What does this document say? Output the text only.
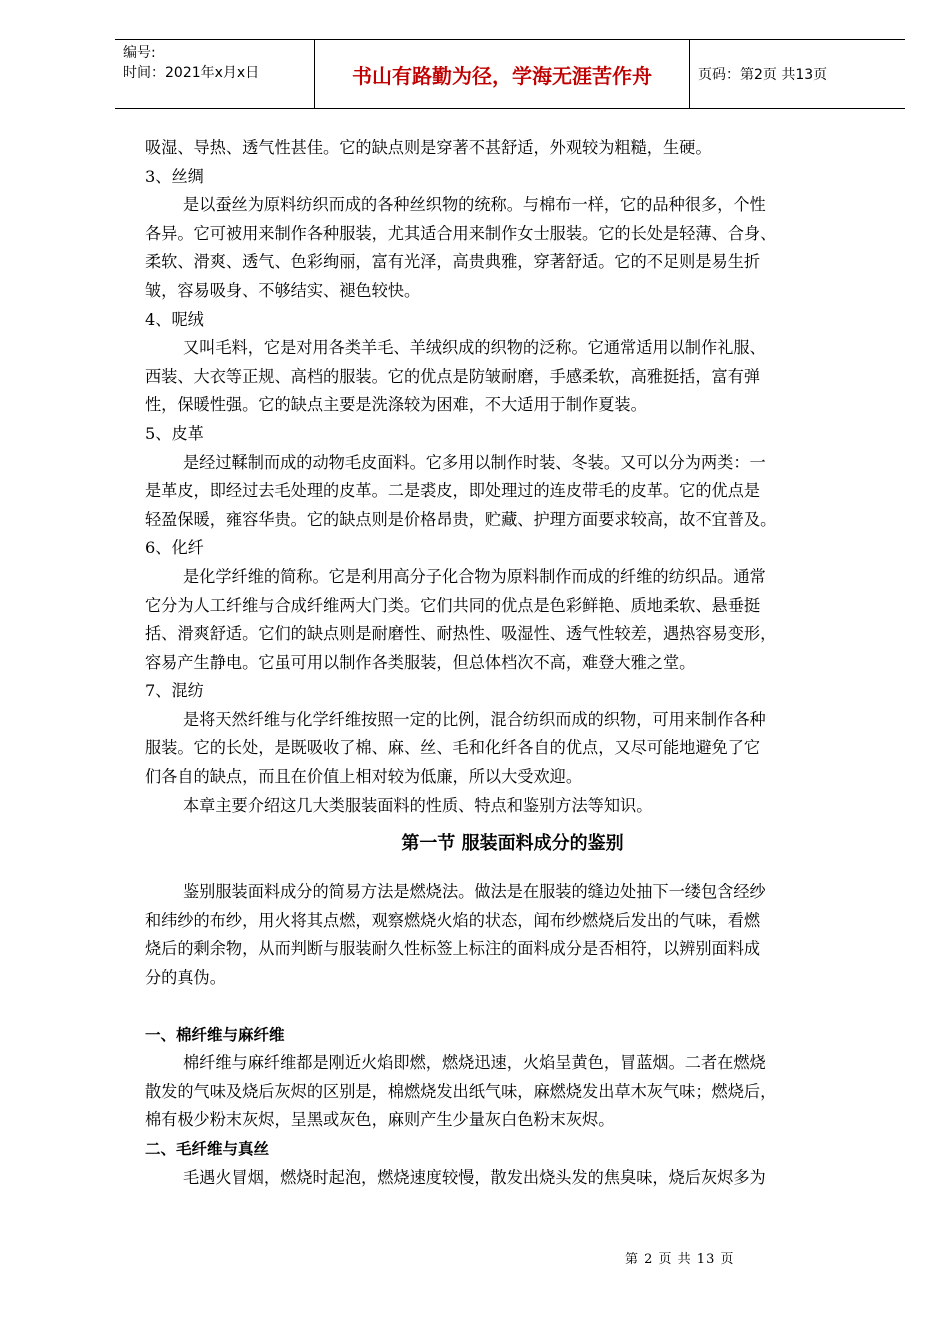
编号:
时间：2021年x月x日	书山有路勤为径，学海无涯苦作舟	页码：第2页 共13页
吸湿、导热、透气性甚佳。它的缺点则是穿著不甚舒适，外观较为粗糙，生硬。
3、丝绸
是以蚕丝为原料纺织而成的各种丝织物的统称。与棉布一样，它的品种很多，个性
各异。它可被用来制作各种服装，尤其适合用来制作女士服装。它的长处是轻薄、合身、
柔软、滑爽、透气、色彩绚丽，富有光泽，高贵典雅，穿著舒适。它的不足则是易生折
皱，容易吸身、不够结实、褪色较快。
4、呢绒
又叫毛料，它是对用各类羊毛、羊绒织成的织物的泛称。它通常适用以制作礼服、
西装、大衣等正规、高档的服装。它的优点是防皱耐磨，手感柔软，高雅挺括，富有弹
性，保暖性强。它的缺点主要是洗涤较为困难，不大适用于制作夏装。
5、皮革
是经过鞣制而成的动物毛皮面料。它多用以制作时装、冬装。又可以分为两类：一
是革皮，即经过去毛处理的皮革。二是裘皮，即处理过的连皮带毛的皮革。它的优点是
轻盈保暖，雍容华贵。它的缺点则是价格昂贵，贮藏、护理方面要求较高，故不宜普及。
6、化纤
是化学纤维的简称。它是利用高分子化合物为原料制作而成的纤维的纺织品。通常
它分为人工纤维与合成纤维两大门类。它们共同的优点是色彩鲜艳、质地柔软、悬垂挺
括、滑爽舒适。它们的缺点则是耐磨性、耐热性、吸湿性、透气性较差，遇热容易变形，
容易产生静电。它虽可用以制作各类服装，但总体档次不高，难登大雅之堂。
7、混纺
是将天然纤维与化学纤维按照一定的比例，混合纺织而成的织物，可用来制作各种
服装。它的长处，是既吸收了棉、麻、丝、毛和化纤各自的优点，又尽可能地避免了它
们各自的缺点，而且在价值上相对较为低廉，所以大受欢迎。
本章主要介绍这几大类服装面料的性质、特点和鉴别方法等知识。
第一节 服装面料成分的鉴别
鉴别服装面料成分的简易方法是燃烧法。做法是在服装的缝边处抽下一缕包含经纱
和纬纱的布纱，用火将其点燃，观察燃烧火焰的状态，闻布纱燃烧后发出的气味，看燃
烧后的剩余物，从而判断与服装耐久性标签上标注的面料成分是否相符，以辨别面料成
分的真伪。
一、棉纤维与麻纤维
棉纤维与麻纤维都是刚近火焰即燃，燃烧迅速，火焰呈黄色，冒蓝烟。二者在燃烧
散发的气味及烧后灰烬的区别是，棉燃烧发出纸气味，麻燃烧发出草木灰气味；燃烧后，
棉有极少粉末灰烬，呈黑或灰色，麻则产生少量灰白色粉末灰烬。
二、毛纤维与真丝
毛遇火冒烟，燃烧时起泡，燃烧速度较慢，散发出烧头发的焦臭味，烧后灰烬多为
第 2 页 共 13 页
